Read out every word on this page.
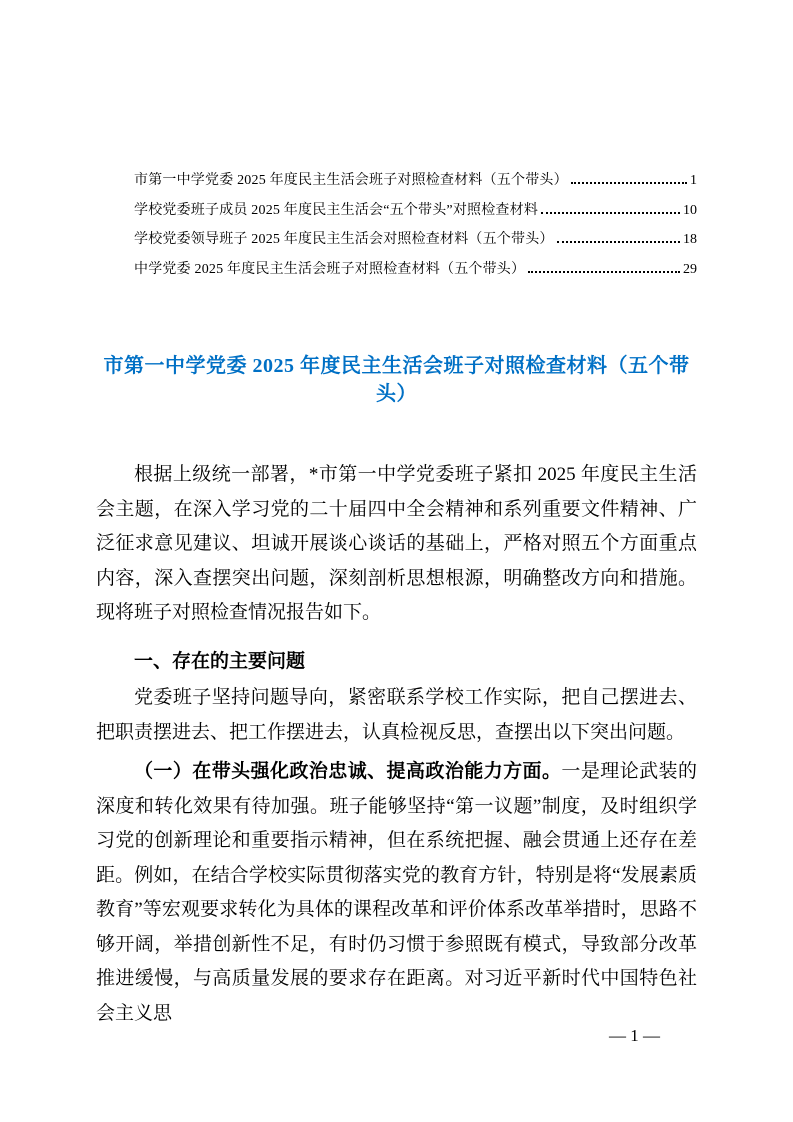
市第一中学党委 2025 年度民主生活会班子对照检查材料（五个带头）	1
学校党委班子成员 2025 年度民主生活会“五个带头”对照检查材料	10
学校党委领导班子 2025 年度民主生活会对照检查材料（五个带头）	18
中学党委 2025 年度民主生活会班子对照检查材料（五个带头）	29
市第一中学党委 2025 年度民主生活会班子对照检查材料（五个带头）

根据上级统一部署，*市第一中学党委班子紧扣 2025 年度民主生活会主题，在深入学习党的二十届四中全会精神和系列重要文件精神、广泛征求意见建议、坦诚开展谈心谈话的基础上，严格对照五个方面重点内容，深入查摆突出问题，深刻剖析思想根源，明确整改方向和措施。现将班子对照检查情况报告如下。

一、存在的主要问题

党委班子坚持问题导向，紧密联系学校工作实际，把自己摆进去、把职责摆进去、把工作摆进去，认真检视反思，查摆出以下突出问题。

（一）在带头强化政治忠诚、提高政治能力方面。一是理论武装的深度和转化效果有待加强。班子能够坚持“第一议题”制度，及时组织学习党的创新理论和重要指示精神，但在系统把握、融会贯通上还存在差距。例如，在结合学校实际贯彻落实党的教育方针，特别是将“发展素质教育”等宏观要求转化为具体的课程改革和评价体系改革举措时，思路不够开阔，举措创新性不足，有时仍习惯于参照既有模式，导致部分改革推进缓慢，与高质量发展的要求存在距离。对习近平新时代中国特色社会主义思

— 1 —
